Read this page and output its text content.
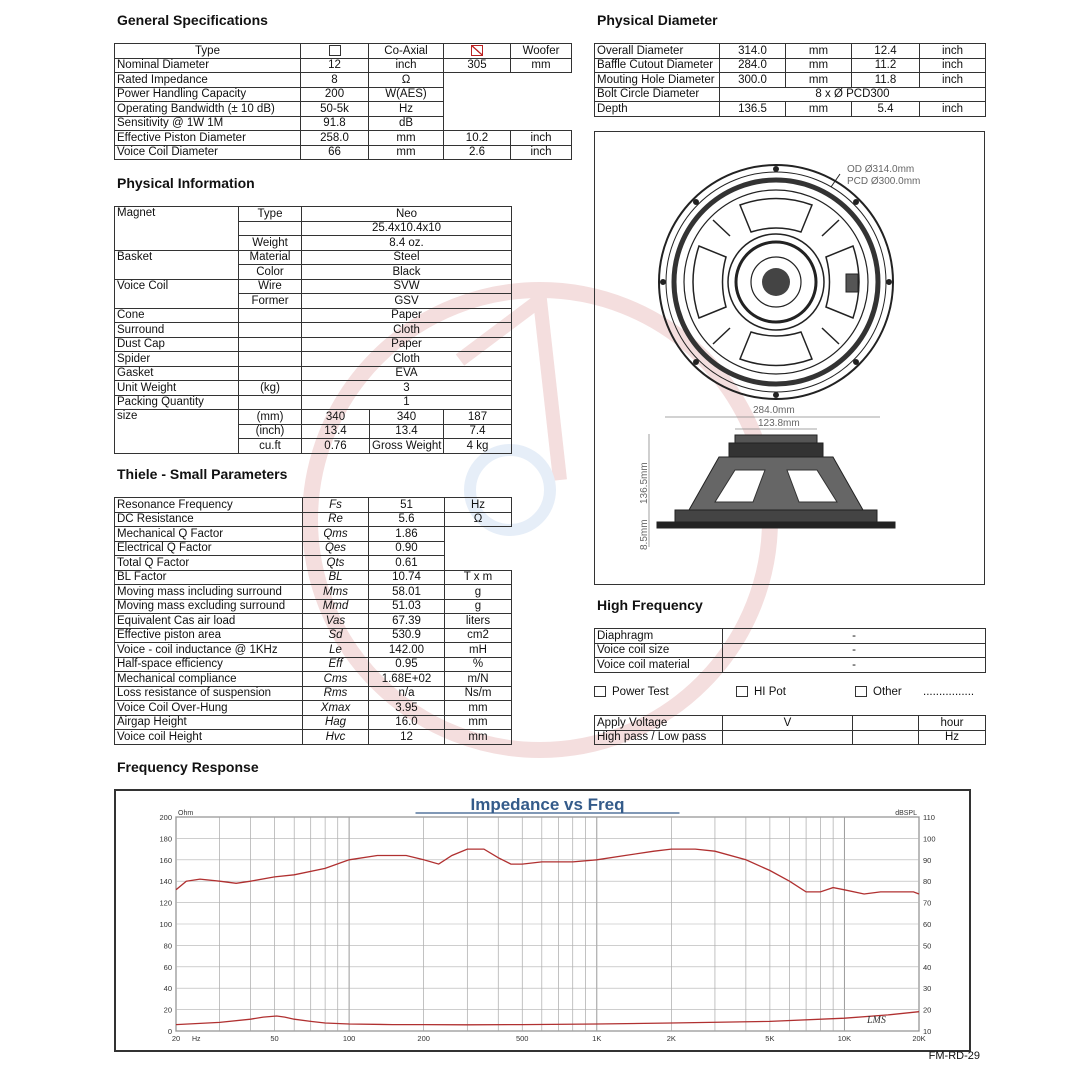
General Specifications
Type		Co-Axial		Woofer
Nominal Diameter	12	inch	305	mm
Rated Impedance	8	Ω		
Power Handling Capacity	200	W(AES)		
Operating Bandwidth (± 10 dB)	50-5k	Hz		
Sensitivity @ 1W 1M	91.8	dB		
Effective Piston Diameter	258.0	mm	10.2	inch
Voice Coil Diameter	66	mm	2.6	inch
Physical Information
Magnet	Type	Neo		
		25.4x10.4x10		
	Weight	8.4 oz.		
Basket	Material	Steel		
	Color	Black		
Voice Coil	Wire	SVW		
	Former	GSV		
Cone		Paper		
Surround		Cloth		
Dust Cap		Paper		
Spider		Cloth		
Gasket		EVA		
Unit Weight	(kg)	3		
Packing Quantity		1		
size	(mm)	340	340	187
	(inch)	13.4	13.4	7.4
	cu.ft	0.76	Gross Weight	4 kg
Thiele - Small Parameters
Resonance Frequency	Fs	51	Hz
DC Resistance	Re	5.6	Ω
Mechanical Q Factor	Qms	1.86	
Electrical Q Factor	Qes	0.90	
Total Q Factor	Qts	0.61	
BL Factor	BL	10.74	T x m
Moving mass including surround	Mms	58.01	g
Moving mass excluding surround	Mmd	51.03	g
Equivalent Cas air load	Vas	67.39	liters
Effective piston area	Sd	530.9	cm2
Voice - coil inductance @ 1KHz	Le	142.00	mH
Half-space efficiency	Eff	0.95	%
Mechanical compliance	Cms	1.68E+02	m/N
Loss resistance of suspension	Rms	n/a	Ns/m
Voice Coil Over-Hung	Xmax	3.95	mm
Airgap Height	Hag	16.0	mm
Voice coil Height	Hvc	12	mm
Physical Diameter
Overall Diameter	314.0	mm	12.4	inch
Baffle Cutout Diameter	284.0	mm	11.2	inch
Mouting Hole Diameter	300.0	mm	11.8	inch
Bolt Circle Diameter	8 x Ø PCD300			
Depth	136.5	mm	5.4	inch
OD Ø314.0mm
PCD Ø300.0mm
284.0mm
123.8mm
136.5mm
8.5mm
High Frequency
Diaphragm	-
Voice coil size	-
Voice coil material	-
Power Test	HI Pot	Other ................
Apply Voltage	V		hour
High pass / Low pass			Hz
Frequency Response
Impedance vs Freq
0
20
40
60
80
100
120
140
160
180
200
10
20
30
40
50
60
70
80
90
100
110
Ohm	dBSPL
20	50	100	200	500	1K	2K	5K	10K	20K
Hz
LMS
FM-RD-29
